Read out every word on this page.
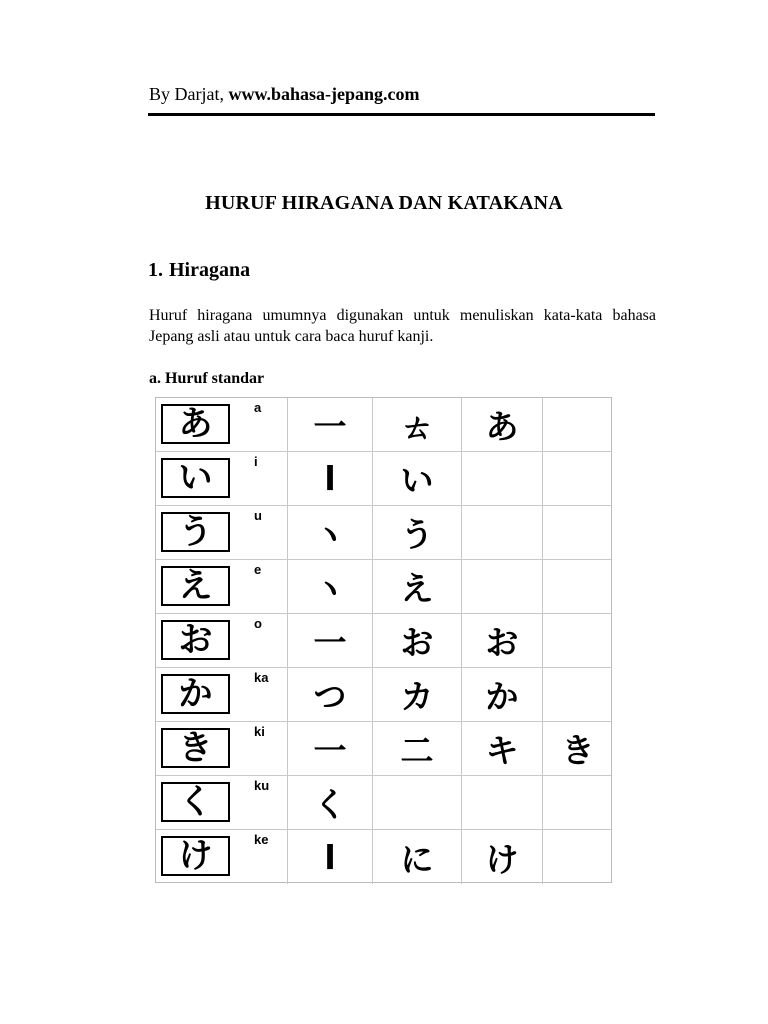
By Darjat, www.bahasa-jepang.com
HURUF HIRAGANA DAN KATAKANA
1. Hiragana
Huruf hiragana umumnya digunakan untuk menuliskan kata-kata bahasa Jepang asli atau untuk cara baca huruf kanji.
a. Huruf standar
あ	a	一	ㄊ	あ
い	i	l	い
う	u	ヽ	う
え	e	ヽ	え
お	o	一	お	お
か	ka	つ	カ	か
き	ki	一	二	キ	き
く	ku	く
け	ke	l	に	け
